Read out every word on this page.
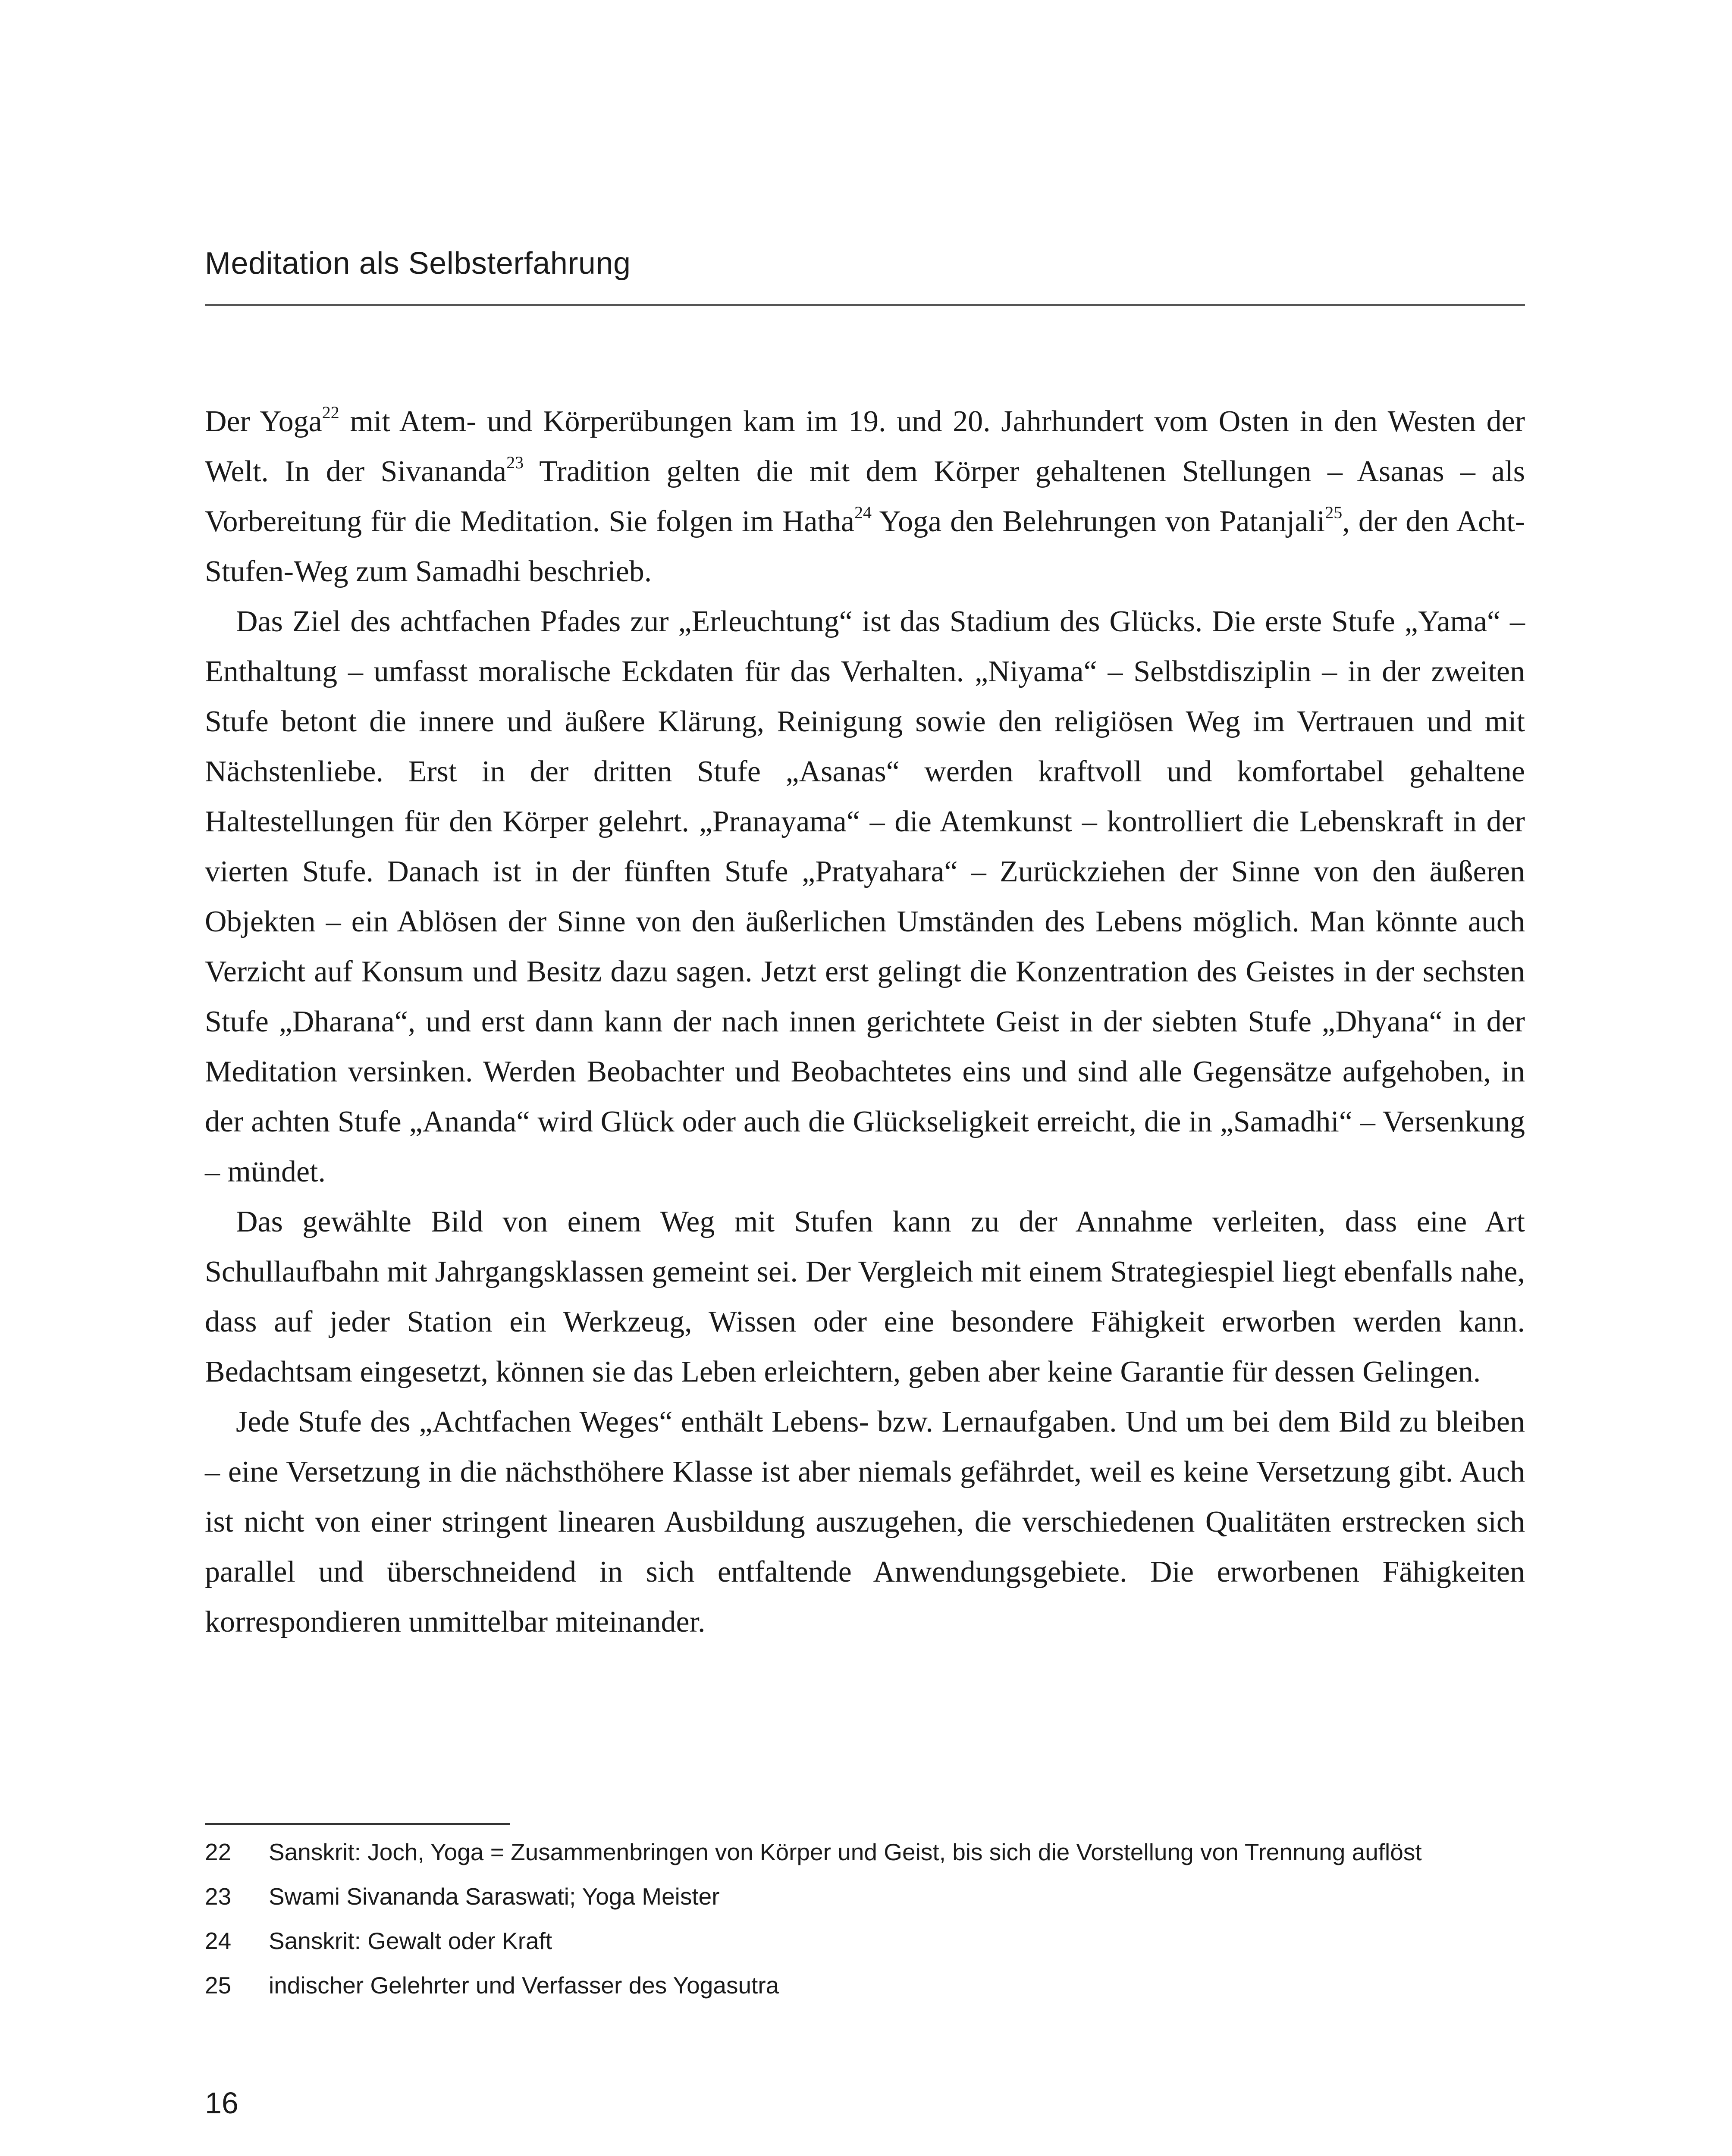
Meditation als Selbsterfahrung

Der Yoga$^{22}$ mit Atem- und Körperübungen kam im 19. und 20. Jahrhundert vom Osten in den Westen der Welt. In der Sivananda$^{23}$ Tradition gelten die mit dem Körper gehaltenen Stellungen – Asanas – als Vorbereitung für die Meditation. Sie folgen im Hatha$^{24}$ Yoga den Belehrungen von Patanjali$^{25}$, der den Acht-Stufen-Weg zum Samadhi beschrieb.

Das Ziel des achtfachen Pfades zur „Erleuchtung“ ist das Stadium des Glücks. Die erste Stufe „Yama“ – Enthaltung – umfasst moralische Eckdaten für das Verhalten. „Niyama“ – Selbstdisziplin – in der zweiten Stufe betont die innere und äußere Klärung, Reinigung sowie den religiösen Weg im Vertrauen und mit Nächstenliebe. Erst in der dritten Stufe „Asanas“ werden kraftvoll und komfortabel gehaltene Haltestellungen für den Körper gelehrt. „Pranayama“ – die Atemkunst – kontrolliert die Lebenskraft in der vierten Stufe. Danach ist in der fünften Stufe „Pratyahara“ – Zurückziehen der Sinne von den äußeren Objekten – ein Ablösen der Sinne von den äußerlichen Umständen des Lebens möglich. Man könnte auch Verzicht auf Konsum und Besitz dazu sagen. Jetzt erst gelingt die Konzentration des Geistes in der sechsten Stufe „Dharana“, und erst dann kann der nach innen gerichtete Geist in der siebten Stufe „Dhyana“ in der Meditation versinken. Werden Beobachter und Beobachtetes eins und sind alle Gegensätze aufgehoben, in der achten Stufe „Ananda“ wird Glück oder auch die Glückseligkeit erreicht, die in „Samadhi“ – Versenkung – mündet.

Das gewählte Bild von einem Weg mit Stufen kann zu der Annahme verleiten, dass eine Art Schullaufbahn mit Jahrgangsklassen gemeint sei. Der Vergleich mit einem Strategiespiel liegt ebenfalls nahe, dass auf jeder Station ein Werkzeug, Wissen oder eine besondere Fähigkeit erworben werden kann. Bedachtsam eingesetzt, können sie das Leben erleichtern, geben aber keine Garantie für dessen Gelingen.

Jede Stufe des „Achtfachen Weges“ enthält Lebens- bzw. Lernaufgaben. Und um bei dem Bild zu bleiben – eine Versetzung in die nächsthöhere Klasse ist aber niemals gefährdet, weil es keine Versetzung gibt. Auch ist nicht von einer stringent linearen Ausbildung auszugehen, die verschiedenen Qualitäten erstrecken sich parallel und überschneidend in sich entfaltende Anwendungsgebiete. Die erworbenen Fähigkeiten korrespondieren unmittelbar miteinander.

22 Sanskrit: Joch, Yoga = Zusammenbringen von Körper und Geist, bis sich die Vorstellung von Trennung auflöst
23 Swami Sivananda Saraswati; Yoga Meister
24 Sanskrit: Gewalt oder Kraft
25 indischer Gelehrter und Verfasser des Yogasutra
16
